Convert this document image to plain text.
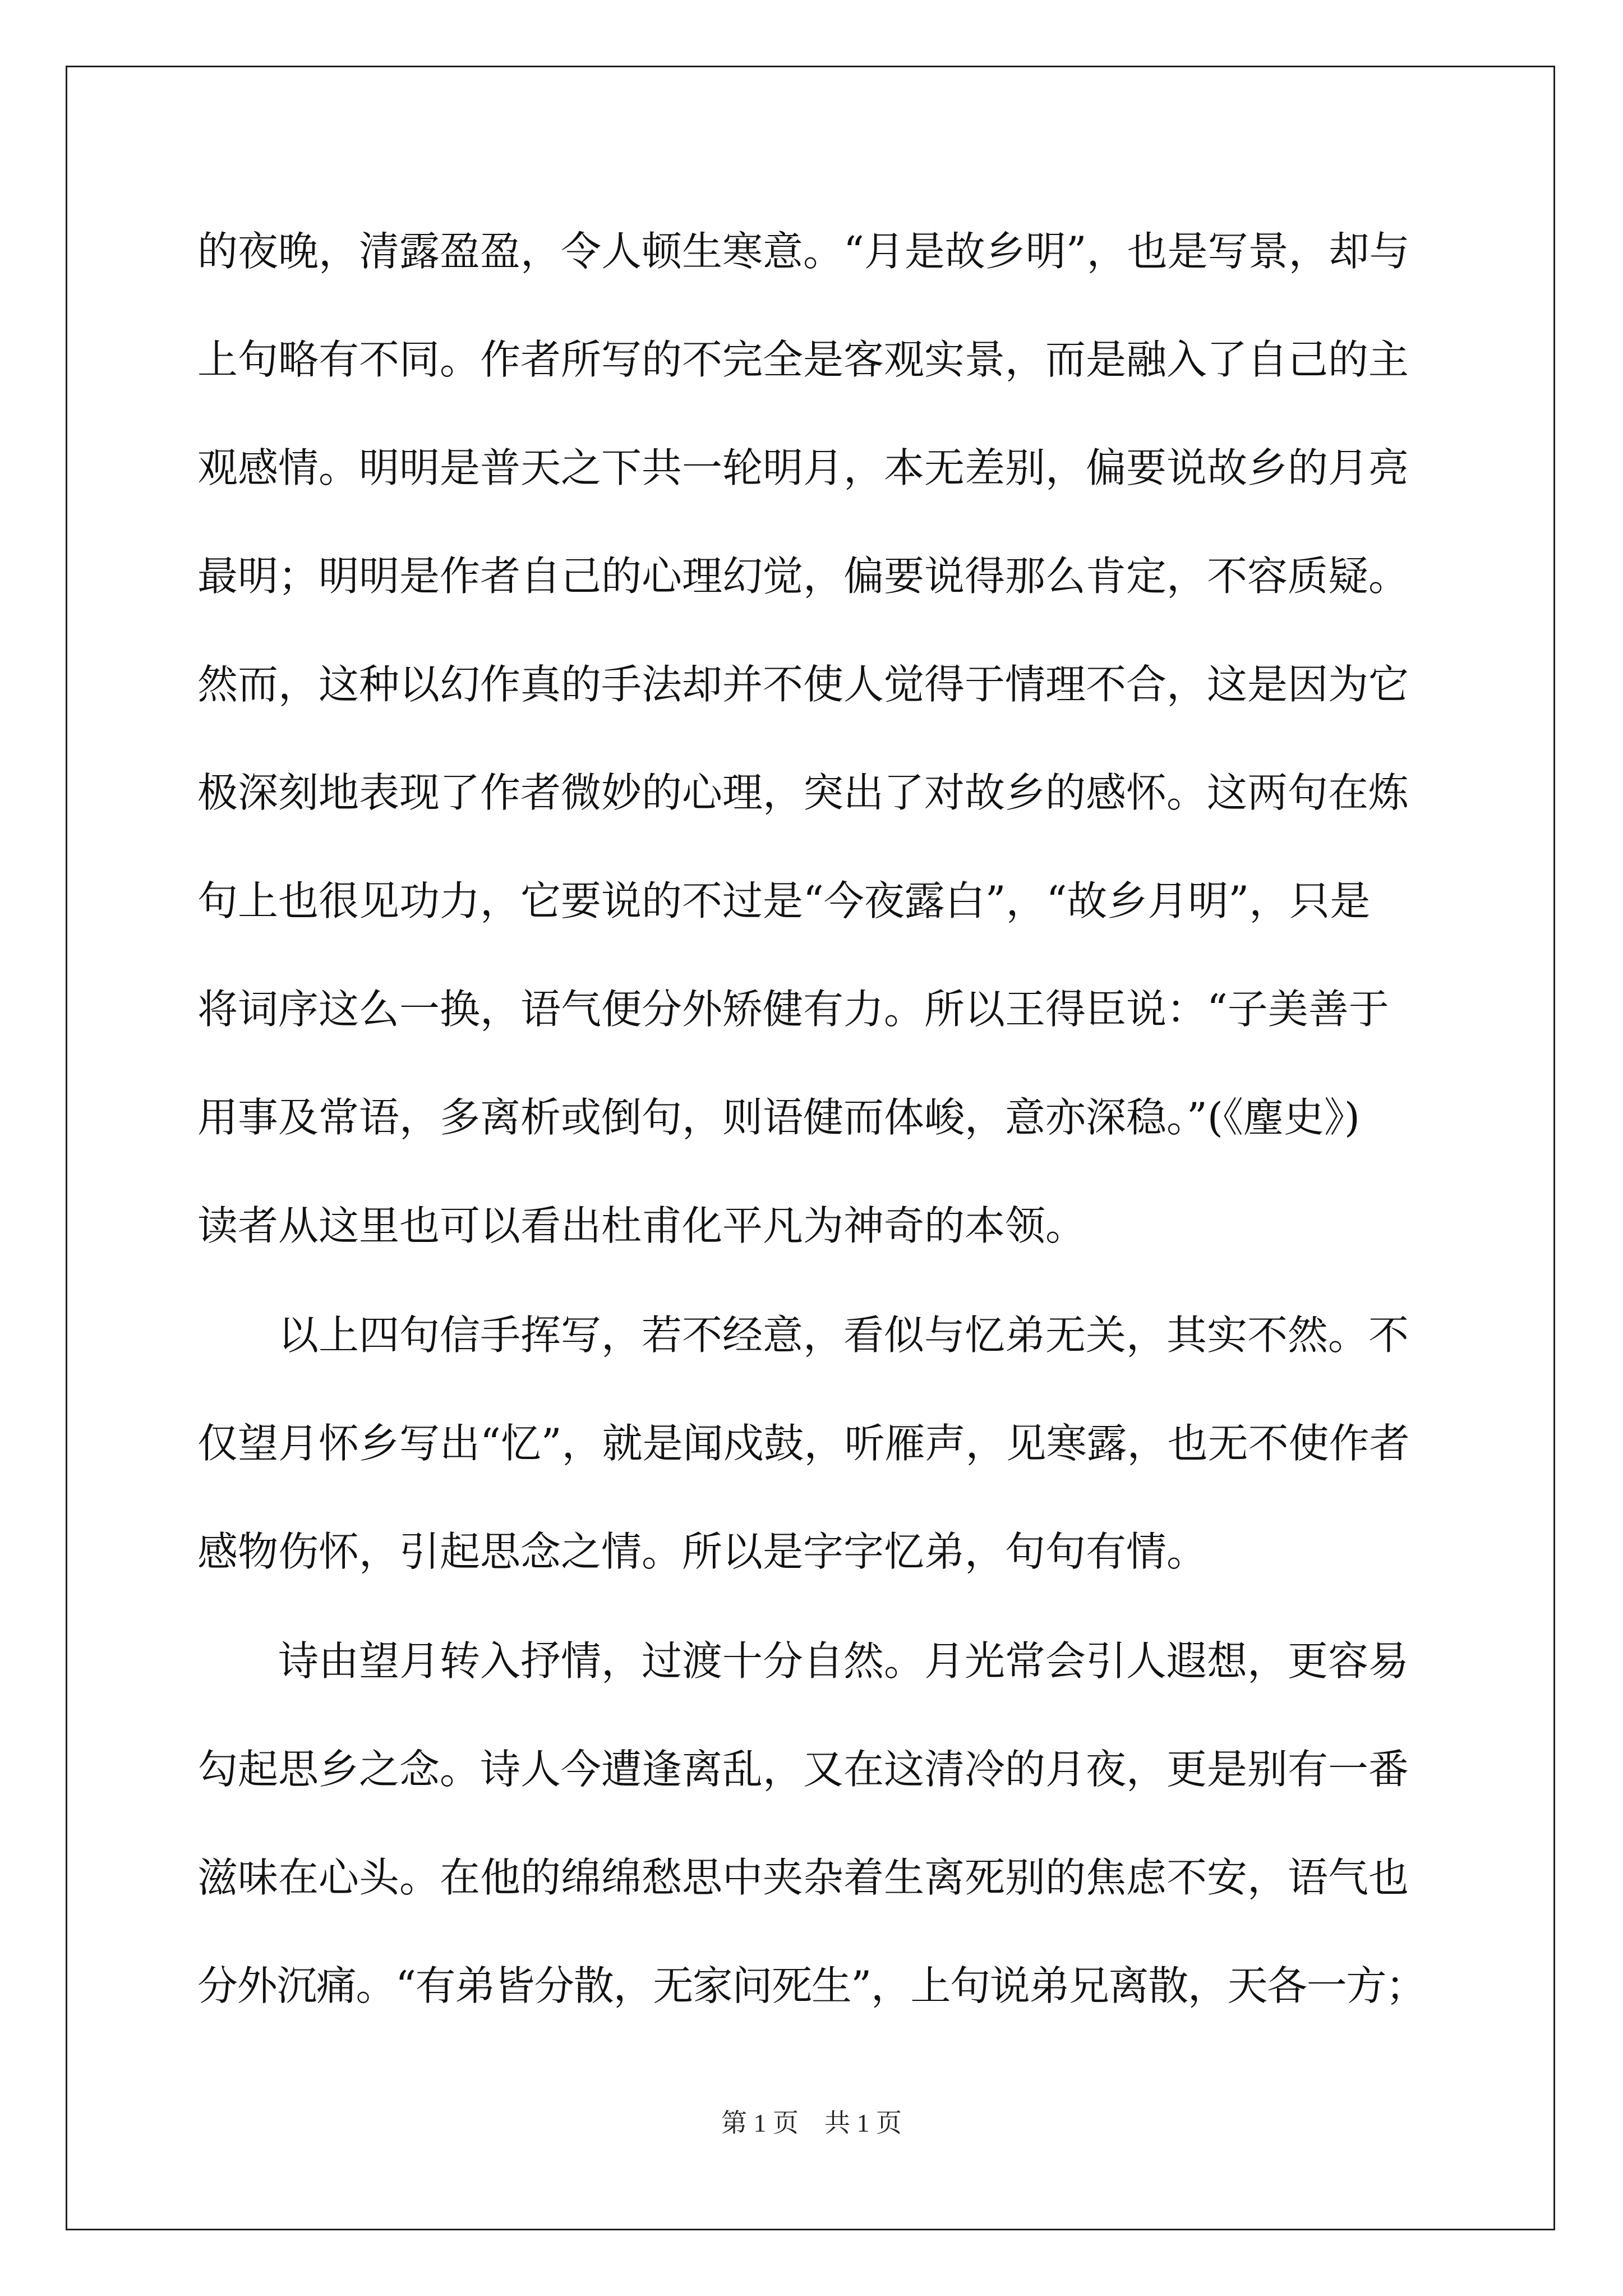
的夜晚，清露盈盈，令人顿生寒意。“月是故乡明”，也是写景，却与
上句略有不同。作者所写的不完全是客观实景，而是融入了自己的主
观感情。明明是普天之下共一轮明月，本无差别，偏要说故乡的月亮
最明；明明是作者自己的心理幻觉，偏要说得那么肯定，不容质疑。
然而，这种以幻作真的手法却并不使人觉得于情理不合，这是因为它
极深刻地表现了作者微妙的心理，突出了对故乡的感怀。这两句在炼
句上也很见功力，它要说的不过是“今夜露白”，“故乡月明”，只是
将词序这么一换，语气便分外矫健有力。所以王得臣说：“子美善于
用事及常语，多离析或倒句，则语健而体峻，意亦深稳。”(《麈史》)
读者从这里也可以看出杜甫化平凡为神奇的本领。
　　以上四句信手挥写，若不经意，看似与忆弟无关，其实不然。不
仅望月怀乡写出“忆”，就是闻戍鼓，听雁声，见寒露，也无不使作者
感物伤怀，引起思念之情。所以是字字忆弟，句句有情。
　　诗由望月转入抒情，过渡十分自然。月光常会引人遐想，更容易
勾起思乡之念。诗人今遭逢离乱，又在这清冷的月夜，更是别有一番
滋味在心头。在他的绵绵愁思中夹杂着生离死别的焦虑不安，语气也
分外沉痛。“有弟皆分散，无家问死生”，上句说弟兄离散，天各一方；
第 1 页　共 1 页
